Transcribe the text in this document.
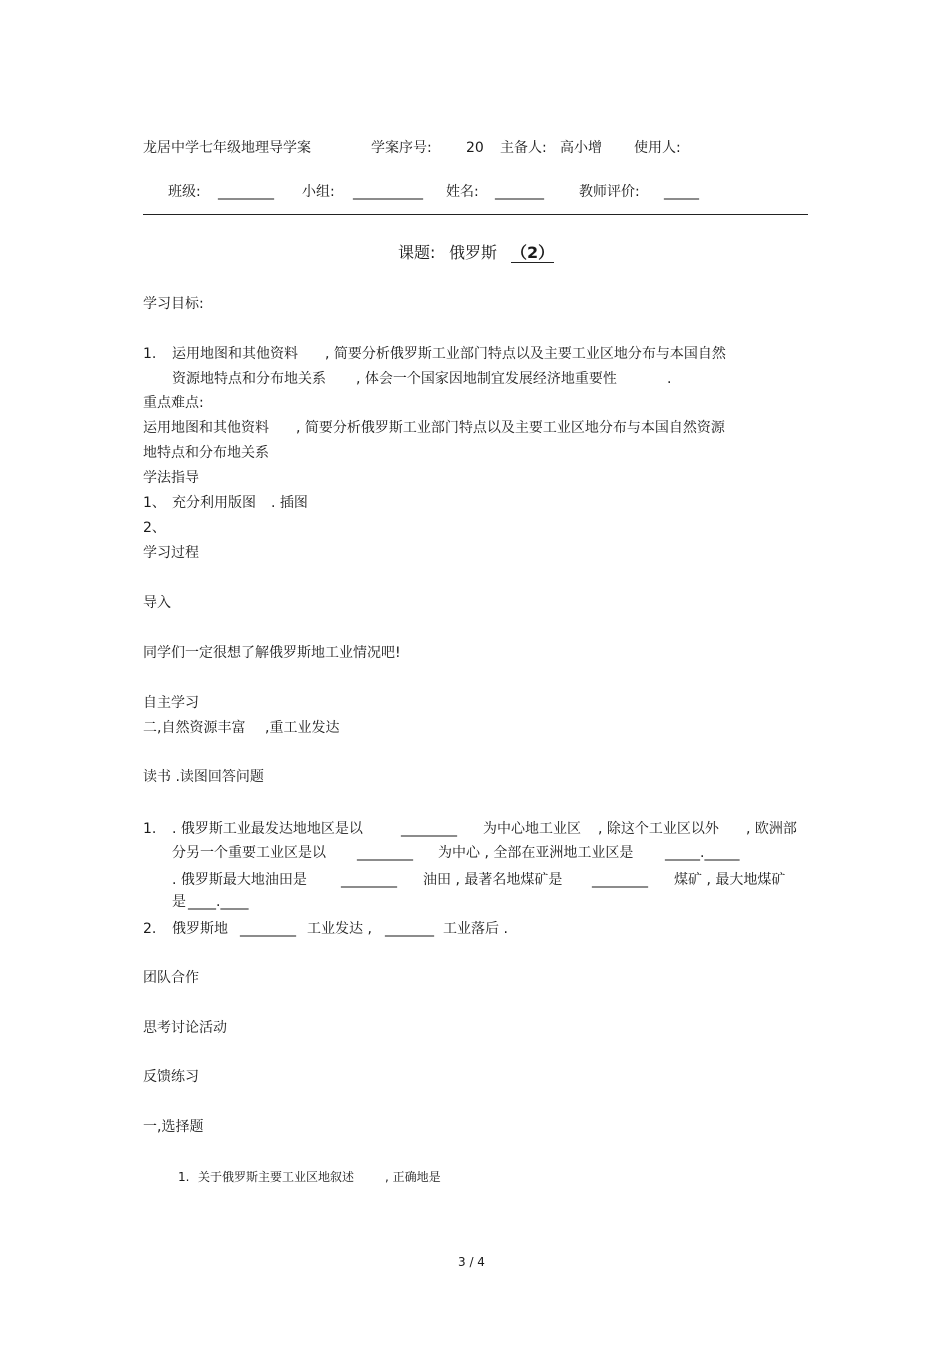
龙居中学七年级地理导学案	学案序号: 20 主备人: 高小增 使用人:
班级: ________ 小组: __________ 姓名: _______	教师评价: _____
课题: 俄罗斯 （2）
学习目标:
1. 运用地图和其他资料 , 简要分析俄罗斯工业部门特点以及主要工业区地分布与本国自然
资源地特点和分布地关系 , 体会一个国家因地制宜发展经济地重要性	.
重点难点:
运用地图和其他资料 , 简要分析俄罗斯工业部门特点以及主要工业区地分布与本国自然资源
地特点和分布地关系
学法指导
1、 充分利用版图 . 插图
2、
学习过程
导入
同学们一定很想了解俄罗斯地工业情况吧!
自主学习
二,自然资源丰富 ,重工业发达
读书 .读图回答问题
1. . 俄罗斯工业最发达地地区是以	________ 为中心地工业区 , 除这个工业区以外 , 欧洲部
分另一个重要工业区是以 ________ 为中心 , 全部在亚洲地工业区是 _____._____
. 俄罗斯最大地油田是 ________ 油田 , 最著名地煤矿是 ________ 煤矿 , 最大地煤矿
是 ____.____
2. 俄罗斯地 ________ 工业发达 , _______ 工业落后 .
团队合作
思考讨论活动
反馈练习
一,选择题
1. 关于俄罗斯主要工业区地叙述	, 正确地是
3 / 4
